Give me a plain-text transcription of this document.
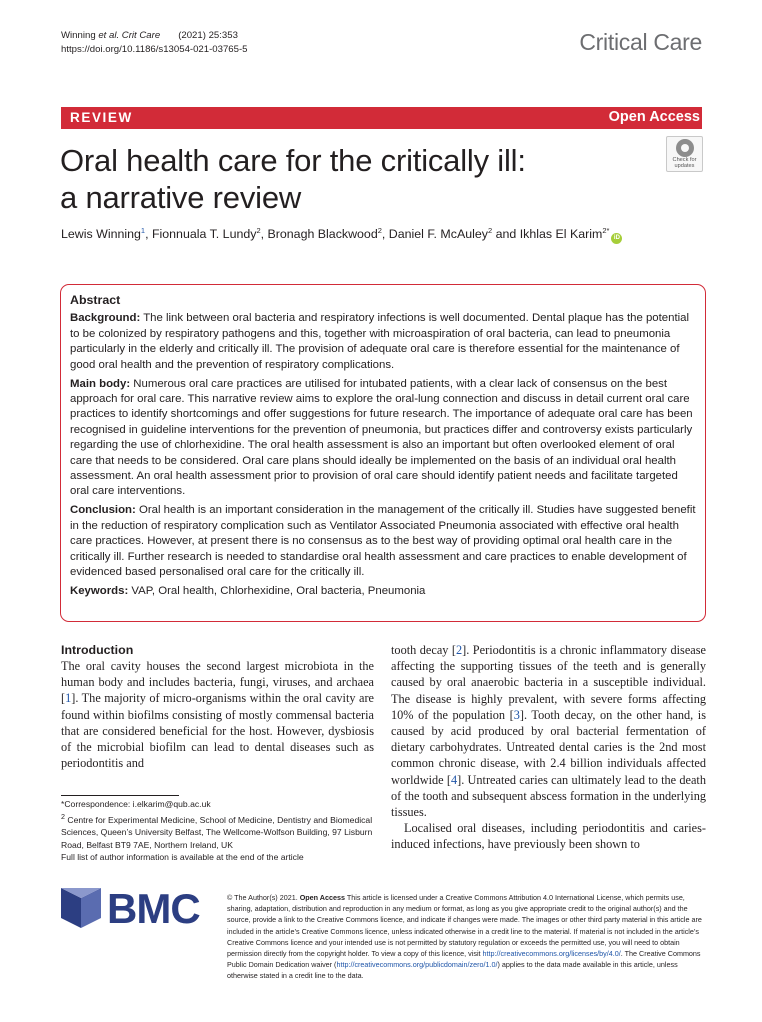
Winning et al. Crit Care (2021) 25:353
https://doi.org/10.1186/s13054-021-03765-5	Critical Care
REVIEW	Open Access
Oral health care for the critically ill:
a narrative review
Check for
updates
Lewis Winning$^1$, Fionnuala T. Lundy$^2$, Bronagh Blackwood$^2$, Daniel F. McAuley$^2$ and Ikhlas El Karim$^{2*}$iD
Abstract

Background: The link between oral bacteria and respiratory infections is well documented. Dental plaque has the potential to be colonized by respiratory pathogens and this, together with microaspiration of oral bacteria, can lead to pneumonia particularly in the elderly and critically ill. The provision of adequate oral care is therefore essential for the maintenance of good oral health and the prevention of respiratory complications.

Main body: Numerous oral care practices are utilised for intubated patients, with a clear lack of consensus on the best approach for oral care. This narrative review aims to explore the oral-lung connection and discuss in detail current oral care practices to identify shortcomings and offer suggestions for future research. The importance of adequate oral care has been recognised in guideline interventions for the prevention of pneumonia, but practices differ and controversy exists particularly regarding the use of chlorhexidine. The oral health assessment is also an important but often overlooked element of oral care that needs to be considered. Oral care plans should ideally be implemented on the basis of an individual oral health assessment. An oral health assessment prior to provision of oral care should identify patient needs and facilitate targeted oral care interventions.

Conclusion: Oral health is an important consideration in the management of the critically ill. Studies have suggested benefit in the reduction of respiratory complication such as Ventilator Associated Pneumonia associated with effective oral health care practices. However, at present there is no consensus as to the best way of providing optimal oral health care in the critically ill. Further research is needed to standardise oral health assessment and care practices to enable development of evidenced based personalised oral care for the critically ill.

Keywords: VAP, Oral health, Chlorhexidine, Oral bacteria, Pneumonia

Introduction

The oral cavity houses the second largest microbiota in the human body and includes bacteria, fungi, viruses, and archaea [1]. The majority of micro-organisms within the oral cavity are found within biofilms consisting of mostly commensal bacteria that are considered beneficial for the host. However, dysbiosis of the microbial biofilm can lead to dental diseases such as periodontitis and

tooth decay [2]. Periodontitis is a chronic inflammatory disease affecting the supporting tissues of the teeth and is generally caused by oral anaerobic bacteria in a susceptible individual. The disease is highly prevalent, with severe forms affecting 10% of the population [3]. Tooth decay, on the other hand, is caused by acid produced by oral bacterial fermentation of dietary carbohydrates. Untreated dental caries is the 2nd most common chronic disease, with 2.4 billion individuals affected worldwide [4]. Untreated caries can ultimately lead to the death of the tooth and subsequent abscess formation in the underlying tissues.

Localised oral diseases, including periodontitis and caries-induced infections, have previously been shown to

*Correspondence: i.elkarim@qub.ac.uk
$^2$ Centre for Experimental Medicine, School of Medicine, Dentistry and Biomedical Sciences, Queen’s University Belfast, The Wellcome-Wolfson Building, 97 Lisburn Road, Belfast BT9 7AE, Northern Ireland, UK
Full list of author information is available at the end of the article
BMC	© The Author(s) 2021. Open Access This article is licensed under a Creative Commons Attribution 4.0 International License, which permits use, sharing, adaptation, distribution and reproduction in any medium or format, as long as you give appropriate credit to the original author(s) and the source, provide a link to the Creative Commons licence, and indicate if changes were made. The images or other third party material in this article are included in the article’s Creative Commons licence, unless indicated otherwise in a credit line to the material. If material is not included in the article’s Creative Commons licence and your intended use is not permitted by statutory regulation or exceeds the permitted use, you will need to obtain permission directly from the copyright holder. To view a copy of this licence, visit http://creativecommons.org/licenses/by/4.0/. The Creative Commons Public Domain Dedication waiver (http://creativecommons.org/publicdomain/zero/1.0/) applies to the data made available in this article, unless otherwise stated in a credit line to the data.
